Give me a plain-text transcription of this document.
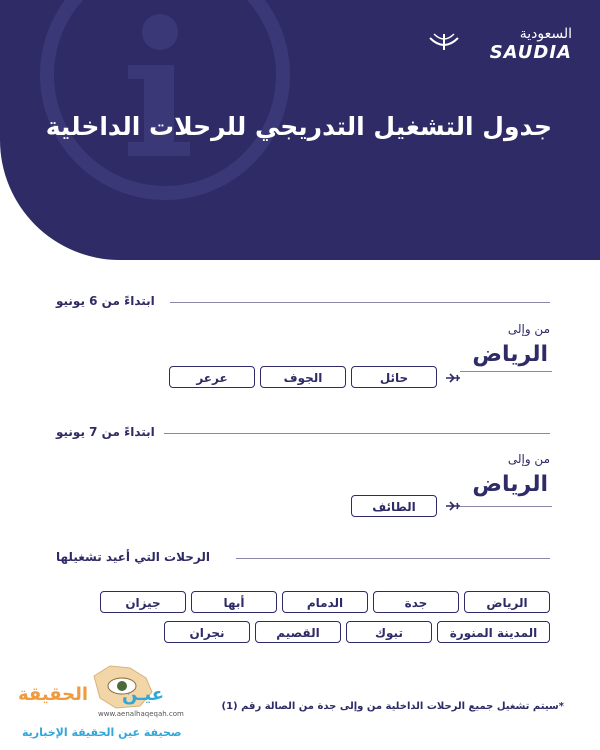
السعودية
SAUDIA
جدول التشغيل التدريجي للرحلات الداخلية
ابتداءً من 6 يونيو
من وإلى
الرياض
حائل
الجوف
عرعر
ابتداءً من 7 يونيو
من وإلى
الرياض
الطائف
الرحلات التي أعيد تشغيلها
الرياض
جدة
الدمام
أبها
جيزان
المدينة المنورة
تبوك
القصيم
نجران
عيـن
الحقيقة
www.aenalhaqeqah.com
صحيفة عين الحقيقة الإخبارية
*سيتم تشغيل جميع الرحلات الداخلية من وإلى جدة من الصالة رقم (1)
